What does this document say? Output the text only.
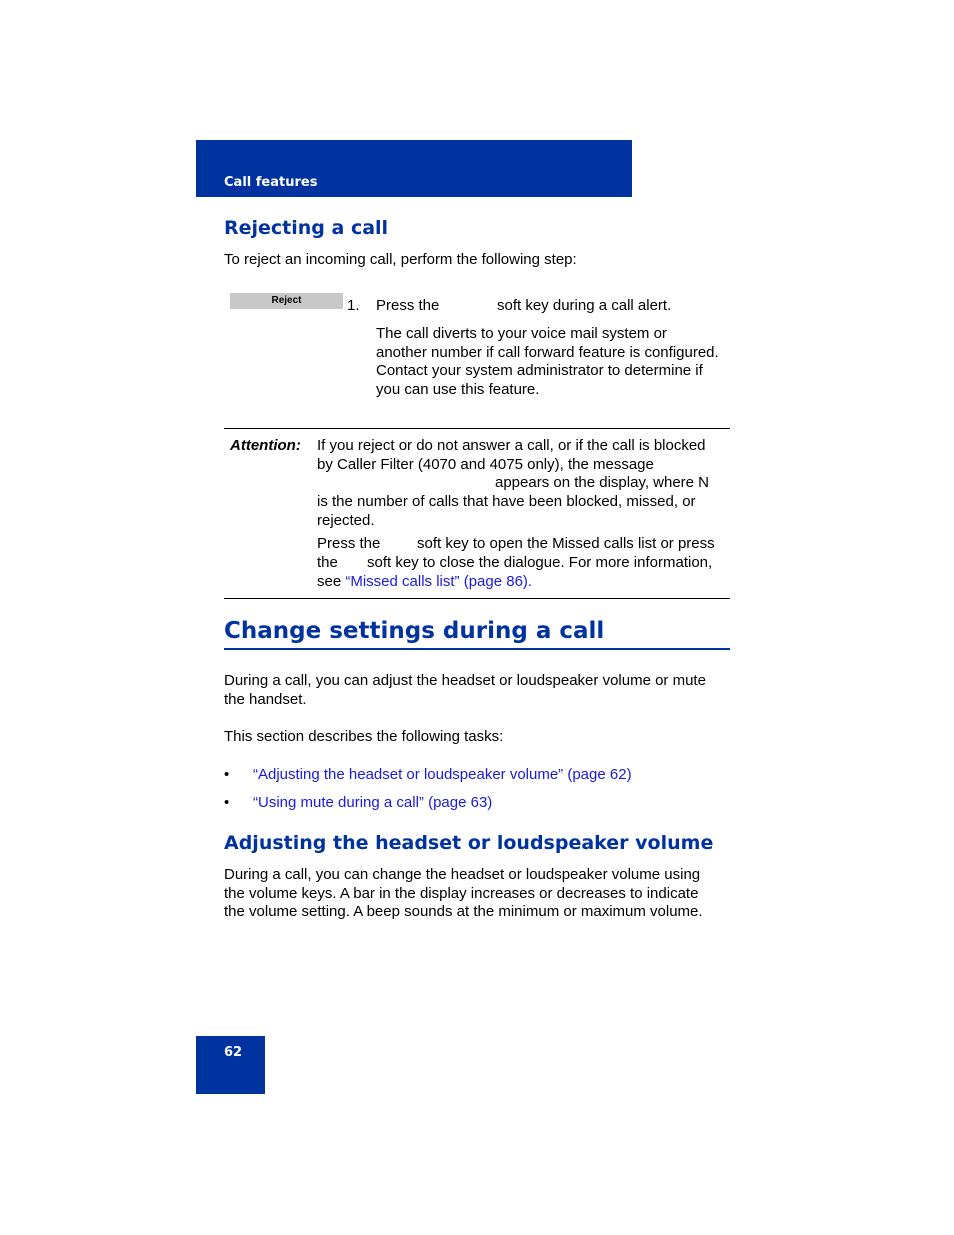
Call features
Rejecting a call
To reject an incoming call, perform the following step:
Reject	1. Press the	soft key during a call alert.
The call diverts to your voice mail system or
another number if call forward feature is configured.
Contact your system administrator to determine if
you can use this feature.
Attention: If you reject or do not answer a call, or if the call is blocked
by Caller Filter (4070 and 4075 only), the message
appears on the display, where N
is the number of calls that have been blocked, missed, or
rejected.
Press the soft key to open the Missed calls list or press
the soft key to close the dialogue. For more information,
see “Missed calls list” (page 86).
Change settings during a call
During a call, you can adjust the headset or loudspeaker volume or mute
the handset.
This section describes the following tasks:
• “Adjusting the headset or loudspeaker volume” (page 62)
• “Using mute during a call” (page 63)
Adjusting the headset or loudspeaker volume
During a call, you can change the headset or loudspeaker volume using
the volume keys. A bar in the display increases or decreases to indicate
the volume setting. A beep sounds at the minimum or maximum volume.
62
